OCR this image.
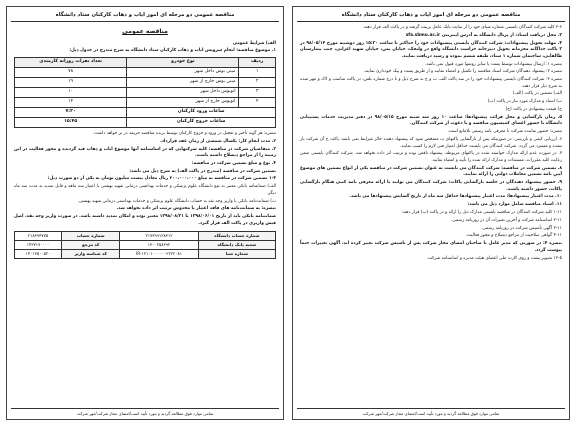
مناقصه عمومی دو مرحله ای امور ایاب و ذهاب کارکنان ستاد دانشگاه

۲-۶ کلیه شرکت کنندگان بایستی شماره شبای خود را از سایت بانک عامل پرینت گرفته و در پاکت الف قرار دهند.

۳. محل دریافت اسناد: از پرتال دانشگاه به آدرس اینترنتی sfa.sbmu.ac.ir

۴. مهلت تحویل پیشنهادات: شرکت کنندگان بایستی پیشنهادات خود را حداکثر تا ساعت ۱۵:۳۰ روز دوشنبه مورخ ۹۸/۰۵/۱۴ در ۳ پاکت جداگانه محرمانه تحویل دبیرخانه حراست دانشگاه واقع در ولنجک، خیابان یمن، خیابان شهید اعرابی، جنب بیمارستان طالقانی، ساختمان شماره ۱ ستاد، طبقه ششم نموده و رسید دریافت نمایند.

تبصره ۱: ارسال پیشنهادات توسط پست یا سایر روشها مورد قبول نمی باشد.

تبصره ۲: پیشنهاد دهندگان شرکت اسناد مناقصه را تکمیل و امضاء نمایند و از طریق پست و پیک خودداری نمایند.

تبصره ۳: شرکت کنندگان بایستی پیشنهادات خود را در سه پاکت الف، ب و ج به شرح ذیل و با درج شماره تلفن، در پاکت مناسب و لاک و مهر شده به شرح ذیل قرار دهند.

الف) تضمین در پاکت (الف)

ب) اسناد و مدارک مورد نیاز در پاکت (ب)

ج) قیمت پیشنهادی در پاکت (ج)

۵. زمان بازگشایی و محل قرائت پیشنهادها: ساعت ۱۰ روز سه شنبه مورخ ۹۸/۰۵/۱۵ در دفتر مدیریت خدمات پشتیبانی دانشگاه با حضور اعضای کمیسیون مناقصه و با دعوت از شرکت کنندگان.

تبصره: حضور نماینده شرکت با معرفی نامه رسمی بلامانع است.

۶. ارزیابی کیفی و بازرسی: در صورتیکه پس از بازگشایی پاکتهای ب مشخص شود که پیشنهاد دهنده حائز شرایط نمی باشد، پاکت ج آن شرکت باز نشده و مسترد می گردد. شرکت کنندگان می بایست حداقل امتیاز فنی لازم را کسب نمایند.

۷. در صورت عدم ارائه مدارک خواسته شده در پاکتهای مربوطه، پیشنهاد ناقص بوده و ترتیب اثر داده نخواهد شد. شرکت کنندگان بایستی ضمن رعایت کلیه مقررات، مستندات و مدارک ارائه شده را تأیید و امضاء نمایند.

۸. تضمین شرکت در مناقصه: شرکت کنندگان می بایست به عنوان تضمین شرکت در مناقصه یکی از انواع تضمین های موضوع آیین نامه تضمین معاملات دولتی را ارائه نمایند.

۹. حضور پیشنهاد دهندگان در جلسه بازگشایی پاکات: شرکت کنندگان می توانند با ارائه معرفی نامه کتبی هنگام بازگشایی پاکات، حضور داشته باشند.

۱۰. مدت اعتبار پیشنهادها: مدت اعتبار پیشنهادها حداقل سه ماه از تاریخ گشایش پیشنهادها می باشد.

۱۱. اسناد مناقصه شامل موارد ذیل می باشد:

۱-۱۱ کلیه شرکت کنندگان در مناقصه بایستی مدارک ذیل را ارائه و در پاکت (ب) قرار دهند:

۲-۱۱ اساسنامه شرکت و آخرین تغییرات آن در روزنامه رسمی.

۳-۱۱ آگهی تأسیس شرکت در روزنامه رسمی.

۴-۱۱ گواهی صلاحیت از مراجع ذیصلاح و مجوز فعالیت.

تبصره ۴: در صورتی که مدیر عامل یا صاحبان امضای مجاز شرکت پس از تاسیس شرکت تغییر کرده اند، آگهی تغییرات حتماً پیوست گردد.

۱۲-۵ تصویر پشت و روی کارت ملی اعضای هیئت مدیره و اساسنامه شرکت.

تمامی موارد فوق مطالعه گردید و مورد تأیید است/امضای مجاز شرکت/مهر شرکت
مناقصه عمومی دو مرحله ای امور ایاب و ذهاب کارکنان ستاد دانشگاه
مناقصه عمومی

الف) شرایط عمومی

۱. موضوع مناقصه: انجام سرویس ایاب و ذهاب کارکنان ستاد دانشگاه به شرح مندرج در جدول ذیل:

ردیف	نوع خودرو	تعداد نفرات روزانه کارمندی
۱	مینی بوس داخل شهر	۷۸
۲	مینی بوس خارج از شهر	۱۹
۳	اتوبوس داخل شهر	۱۰
۴	اتوبوس خارج از شهر	۱۴
ساعات ورود کارکنان		۷:۳۰
ساعات خروج کارکنان		۱۵:۴۵

تبصره: هر گونه تأخیر و تعجیل در ورود و خروج کارکنان توسط برنده مناقصه جریمه در بر خواهد داشت.

۲. مدت انجام کار: یکسال شمسی از زمان عقد قرارداد.

۳. متقاضیان شرکت در مناقصه: کلیه شرکتهایی که در اساسنامه آنها موضوع ایاب و ذهاب قید گردیده و مجوز فعالیت در این زمینه را از مراجع ذیصلاح داشته باشند.

۴. نوع و مبلغ تضمین شرکت در مناقصه:

تضمین شرکت در مناقصه (مندرج در پاکت الف) به شرح ذیل می باشد:

۱-۴ تضمین شرکت در مناقصه به مبلغ ۲۰۰،۰۰۰،۰۰۰ ریال معادل بیست میلیون تومان به یکی از دو صورت ذیل:

الف) ضمانتنامه بانکی معتبر به نفع دانشگاه علوم پزشکی و خدمات بهداشتی درمانی شهید بهشتی با اعتبار سه ماهه و قابل تمدید به مدت سه ماه دیگر.

ب) ضمانت‌نامه بانکی یا واریز وجه نقد به حساب دانشگاه علوم پزشکی و خدمات بهداشتی درمانی شهید بهشتی.

تبصره: به ضمانت‌نامه های فاقد اعتبار یا مخدوش ترتیب اثر داده نخواهد شد.

ضمانتنامه بانکی باید از تاریخ ۱۳۹۸/۰۶/۰۱ تا ۱۳۹۸/۰۸/۳۱ معتبر بوده و امکان تمدید داشته باشد. در صورت واریز وجه نقد، اصل فیش واریزی در پاکت الف قرار گیرد.

شماره حساب دانشگاه	۲۱۷۳۹۹۱۲۸۳۱۲	شماره حساب	۲۱۸۳۹۴۷۷۵
شعبه بانک دانشگاه	۱۳۰۰۲۵۸۳۹۲	کد مرجع	۱۴۳۷۱۷۰۰۰۰
شماره شبا	IR-۱۲۱۰۱۰۰۰۰۰۰۲۲۲۲۰۸۱	کد شناسه واریز	۱۴۰۱۳۵۰۰۵۲۰
تمامی موارد فوق مطالعه گردید و مورد تأیید است/امضای مجاز شرکت/مهر شرکت
